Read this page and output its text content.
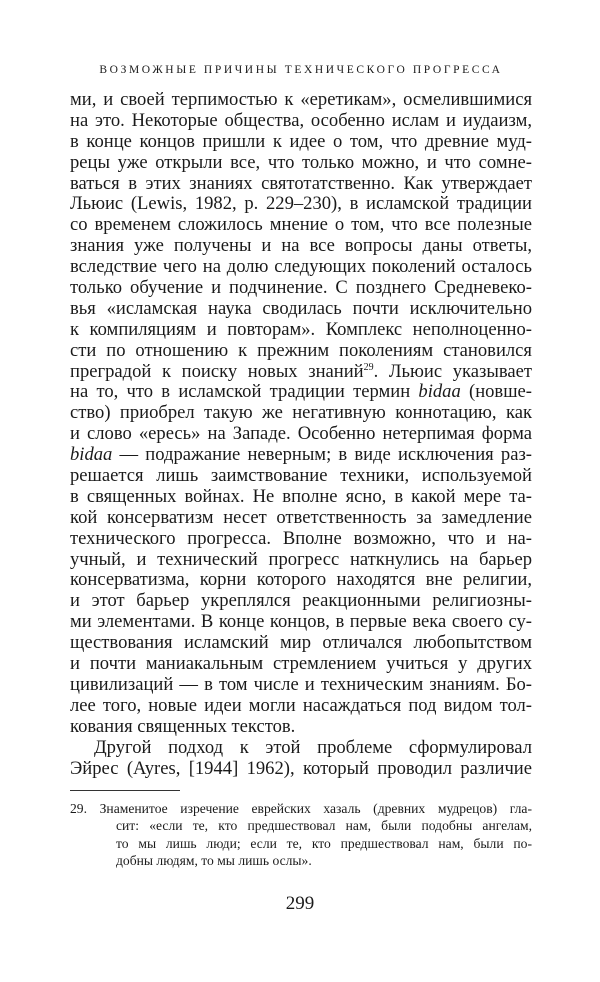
ВОЗМОЖНЫЕ ПРИЧИНЫ ТЕХНИЧЕСКОГО ПРОГРЕССА
ми, и своей терпимостью к «еретикам», осмелившимися
на это. Некоторые общества, особенно ислам и иудаизм,
в конце концов пришли к идее о том, что древние муд-
рецы уже открыли все, что только можно, и что сомне-
ваться в этих знаниях святотатственно. Как утверждает
Льюис (Lewis, 1982, p. 229–230), в исламской традиции
со временем сложилось мнение о том, что все полезные
знания уже получены и на все вопросы даны ответы,
вследствие чего на долю следующих поколений осталось
только обучение и подчинение. С позднего Средневеко-
вья «исламская наука сводилась почти исключительно
к компиляциям и повторам». Комплекс неполноценно-
сти по отношению к прежним поколениям становился
преградой к поиску новых знаний$^{29}$. Льюис указывает
на то, что в исламской традиции термин bidaa (новше-
ство) приобрел такую же негативную коннотацию, как
и слово «ересь» на Западе. Особенно нетерпимая форма
bidaa — подражание неверным; в виде исключения раз-
решается лишь заимствование техники, используемой
в священных войнах. Не вполне ясно, в какой мере та-
кой консерватизм несет ответственность за замедление
технического прогресса. Вполне возможно, что и на-
учный, и технический прогресс наткнулись на барьер
консерватизма, корни которого находятся вне религии,
и этот барьер укреплялся реакционными религиозны-
ми элементами. В конце концов, в первые века своего су-
ществования исламский мир отличался любопытством
и почти маниакальным стремлением учиться у других
цивилизаций — в том числе и техническим знаниям. Бо-
лее того, новые идеи могли насаждаться под видом тол-
кования священных текстов.
Другой подход к этой проблеме сформулировал
Эйрес (Ayres, [1944] 1962), который проводил различие
29. Знаменитое изречение еврейских хазаль (древних мудрецов) гла-
сит: «если те, кто предшествовал нам, были подобны ангелам,
то мы лишь люди; если те, кто предшествовал нам, были по-
добны людям, то мы лишь ослы».
299
